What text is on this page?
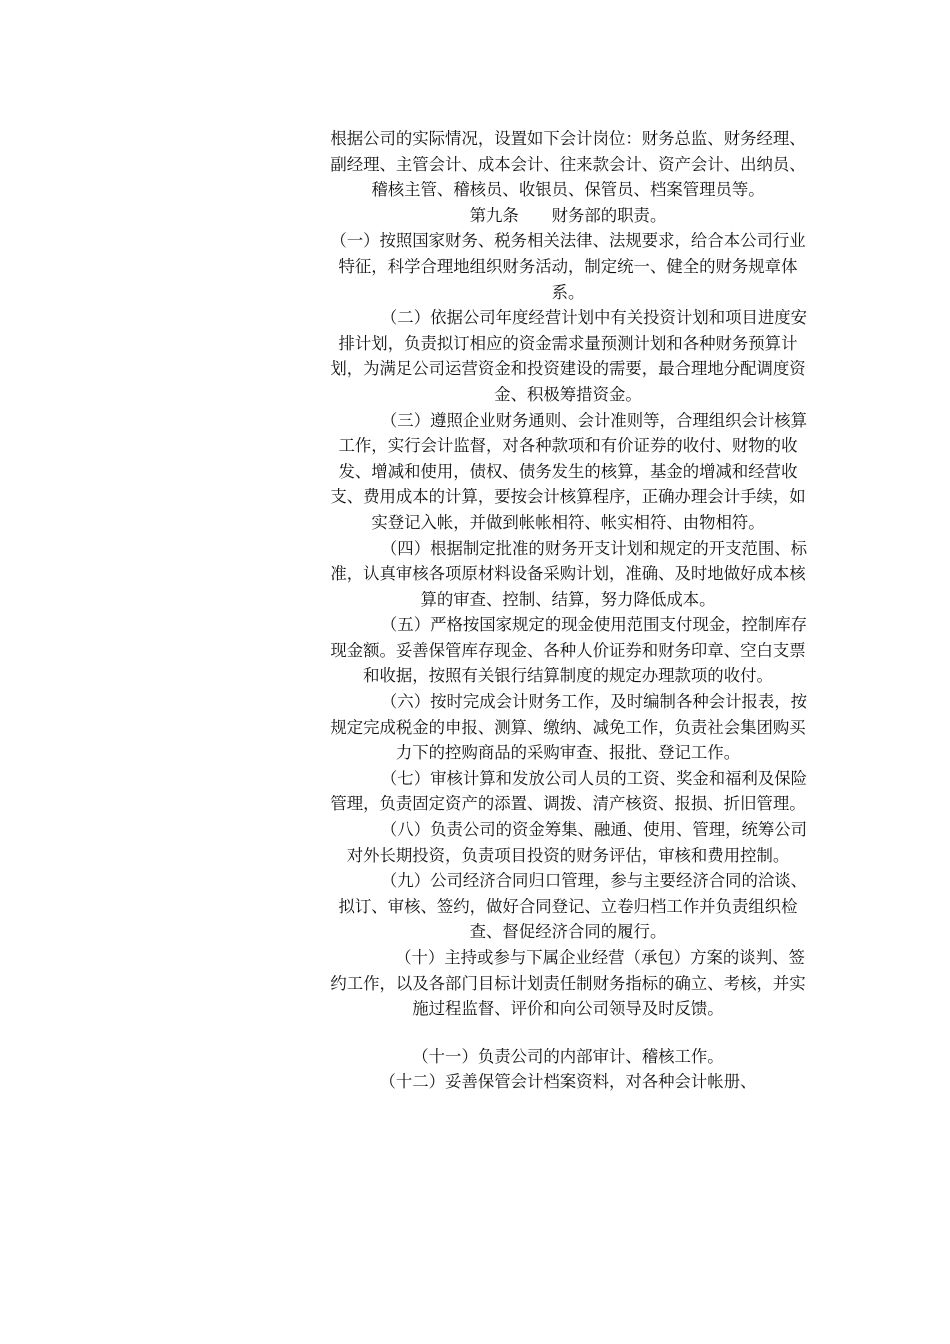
根据公司的实际情况，设置如下会计岗位：财务总监、财务经理、副经理、主管会计、成本会计、往来款会计、资产会计、出纳员、稽核主管、稽核员、收银员、保管员、档案管理员等。

第九条　　财务部的职责。

（一）按照国家财务、税务相关法律、法规要求，给合本公司行业特征，科学合理地组织财务活动，制定统一、健全的财务规章体系。

（二）依据公司年度经营计划中有关投资计划和项目进度安排计划，负责拟订相应的资金需求量预测计划和各种财务预算计划，为满足公司运营资金和投资建设的需要，最合理地分配调度资金、积极筹措资金。

（三）遵照企业财务通则、会计准则等，合理组织会计核算工作，实行会计监督，对各种款项和有价证券的收付、财物的收发、增减和使用，债权、债务发生的核算，基金的增减和经营收支、费用成本的计算，要按会计核算程序，正确办理会计手续，如实登记入帐，并做到帐帐相符、帐实相符、由物相符。

（四）根据制定批准的财务开支计划和规定的开支范围、标准，认真审核各项原材料设备采购计划，准确、及时地做好成本核算的审查、控制、结算，努力降低成本。

（五）严格按国家规定的现金使用范围支付现金，控制库存现金额。妥善保管库存现金、各种人价证券和财务印章、空白支票和收据，按照有关银行结算制度的规定办理款项的收付。

（六）按时完成会计财务工作，及时编制各种会计报表，按规定完成税金的申报、测算、缴纳、减免工作，负责社会集团购买力下的控购商品的采购审查、报批、登记工作。

（七）审核计算和发放公司人员的工资、奖金和福利及保险管理，负责固定资产的添置、调拨、清产核资、报损、折旧管理。

（八）负责公司的资金筹集、融通、使用、管理，统筹公司对外长期投资，负责项目投资的财务评估，审核和费用控制。

（九）公司经济合同归口管理，参与主要经济合同的洽谈、拟订、审核、签约，做好合同登记、立卷归档工作并负责组织检查、督促经济合同的履行。

（十）主持或参与下属企业经营（承包）方案的谈判、签约工作，以及各部门目标计划责任制财务指标的确立、考核，并实施过程监督、评价和向公司领导及时反馈。

（十一）负责公司的内部审计、稽核工作。

（十二）妥善保管会计档案资料，对各种会计帐册、
